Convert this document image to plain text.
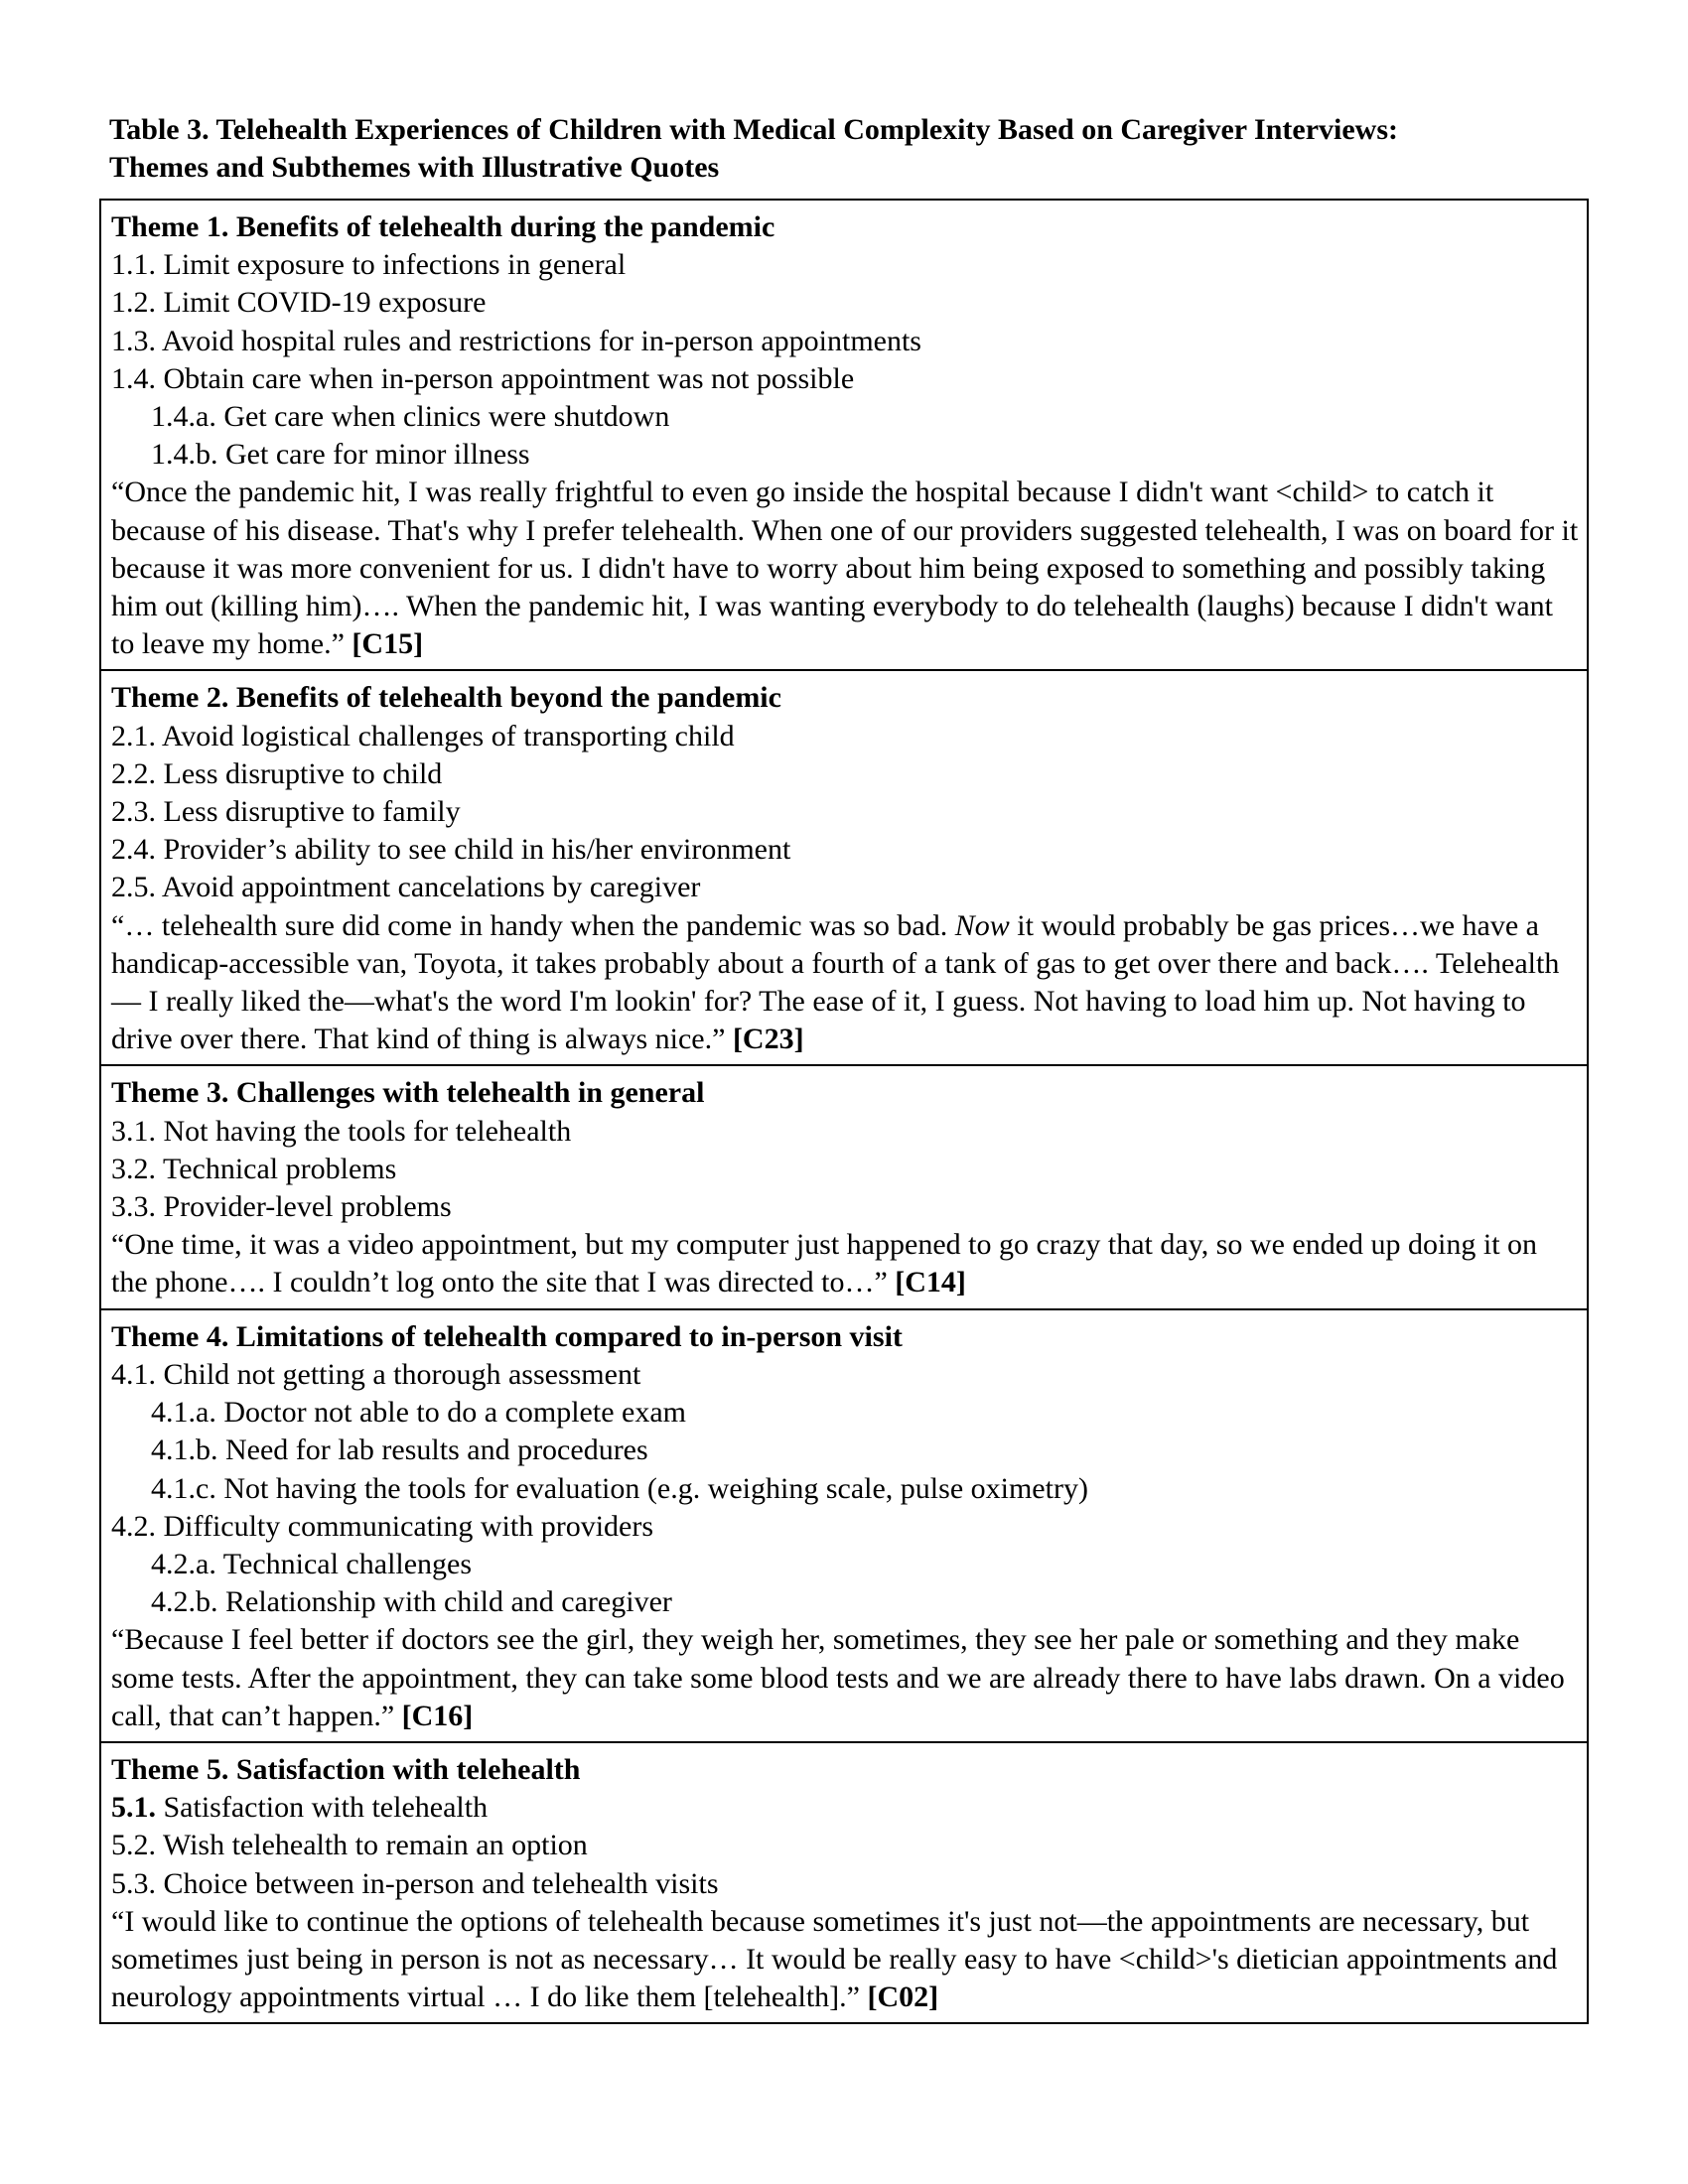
Table 3. Telehealth Experiences of Children with Medical Complexity Based on Caregiver Interviews:
Themes and Subthemes with Illustrative Quotes
Theme 1. Benefits of telehealth during the pandemic
1.1. Limit exposure to infections in general
1.2. Limit COVID-19 exposure
1.3. Avoid hospital rules and restrictions for in-person appointments
1.4. Obtain care when in-person appointment was not possible
1.4.a. Get care when clinics were shutdown
1.4.b. Get care for minor illness

“Once the pandemic hit, I was really frightful to even go inside the hospital because I didn't want <child> to catch it because of his disease. That's why I prefer telehealth. When one of our providers suggested telehealth, I was on board for it because it was more convenient for us. I didn't have to worry about him being exposed to something and possibly taking him out (killing him)…. When the pandemic hit, I was wanting everybody to do telehealth (laughs) because I didn't want to leave my home.” [C15]

Theme 2. Benefits of telehealth beyond the pandemic
2.1. Avoid logistical challenges of transporting child
2.2. Less disruptive to child
2.3. Less disruptive to family
2.4. Provider’s ability to see child in his/her environment
2.5. Avoid appointment cancelations by caregiver

“… telehealth sure did come in handy when the pandemic was so bad. Now it would probably be gas prices…we have a handicap-accessible van, Toyota, it takes probably about a fourth of a tank of gas to get over there and back…. Telehealth— I really liked the—what's the word I'm lookin' for? The ease of it, I guess. Not having to load him up. Not having to drive over there. That kind of thing is always nice.” [C23]

Theme 3. Challenges with telehealth in general
3.1. Not having the tools for telehealth
3.2. Technical problems
3.3. Provider-level problems

“One time, it was a video appointment, but my computer just happened to go crazy that day, so we ended up doing it on the phone…. I couldn’t log onto the site that I was directed to…” [C14]

Theme 4. Limitations of telehealth compared to in-person visit
4.1. Child not getting a thorough assessment
4.1.a. Doctor not able to do a complete exam
4.1.b. Need for lab results and procedures
4.1.c. Not having the tools for evaluation (e.g. weighing scale, pulse oximetry)
4.2. Difficulty communicating with providers
4.2.a. Technical challenges
4.2.b. Relationship with child and caregiver

“Because I feel better if doctors see the girl, they weigh her, sometimes, they see her pale or something and they make some tests. After the appointment, they can take some blood tests and we are already there to have labs drawn. On a video call, that can’t happen.” [C16]

Theme 5. Satisfaction with telehealth
5.1. Satisfaction with telehealth
5.2. Wish telehealth to remain an option
5.3. Choice between in-person and telehealth visits

“I would like to continue the options of telehealth because sometimes it's just not—the appointments are necessary, but sometimes just being in person is not as necessary… It would be really easy to have <child>'s dietician appointments and neurology appointments virtual … I do like them [telehealth].” [C02]
